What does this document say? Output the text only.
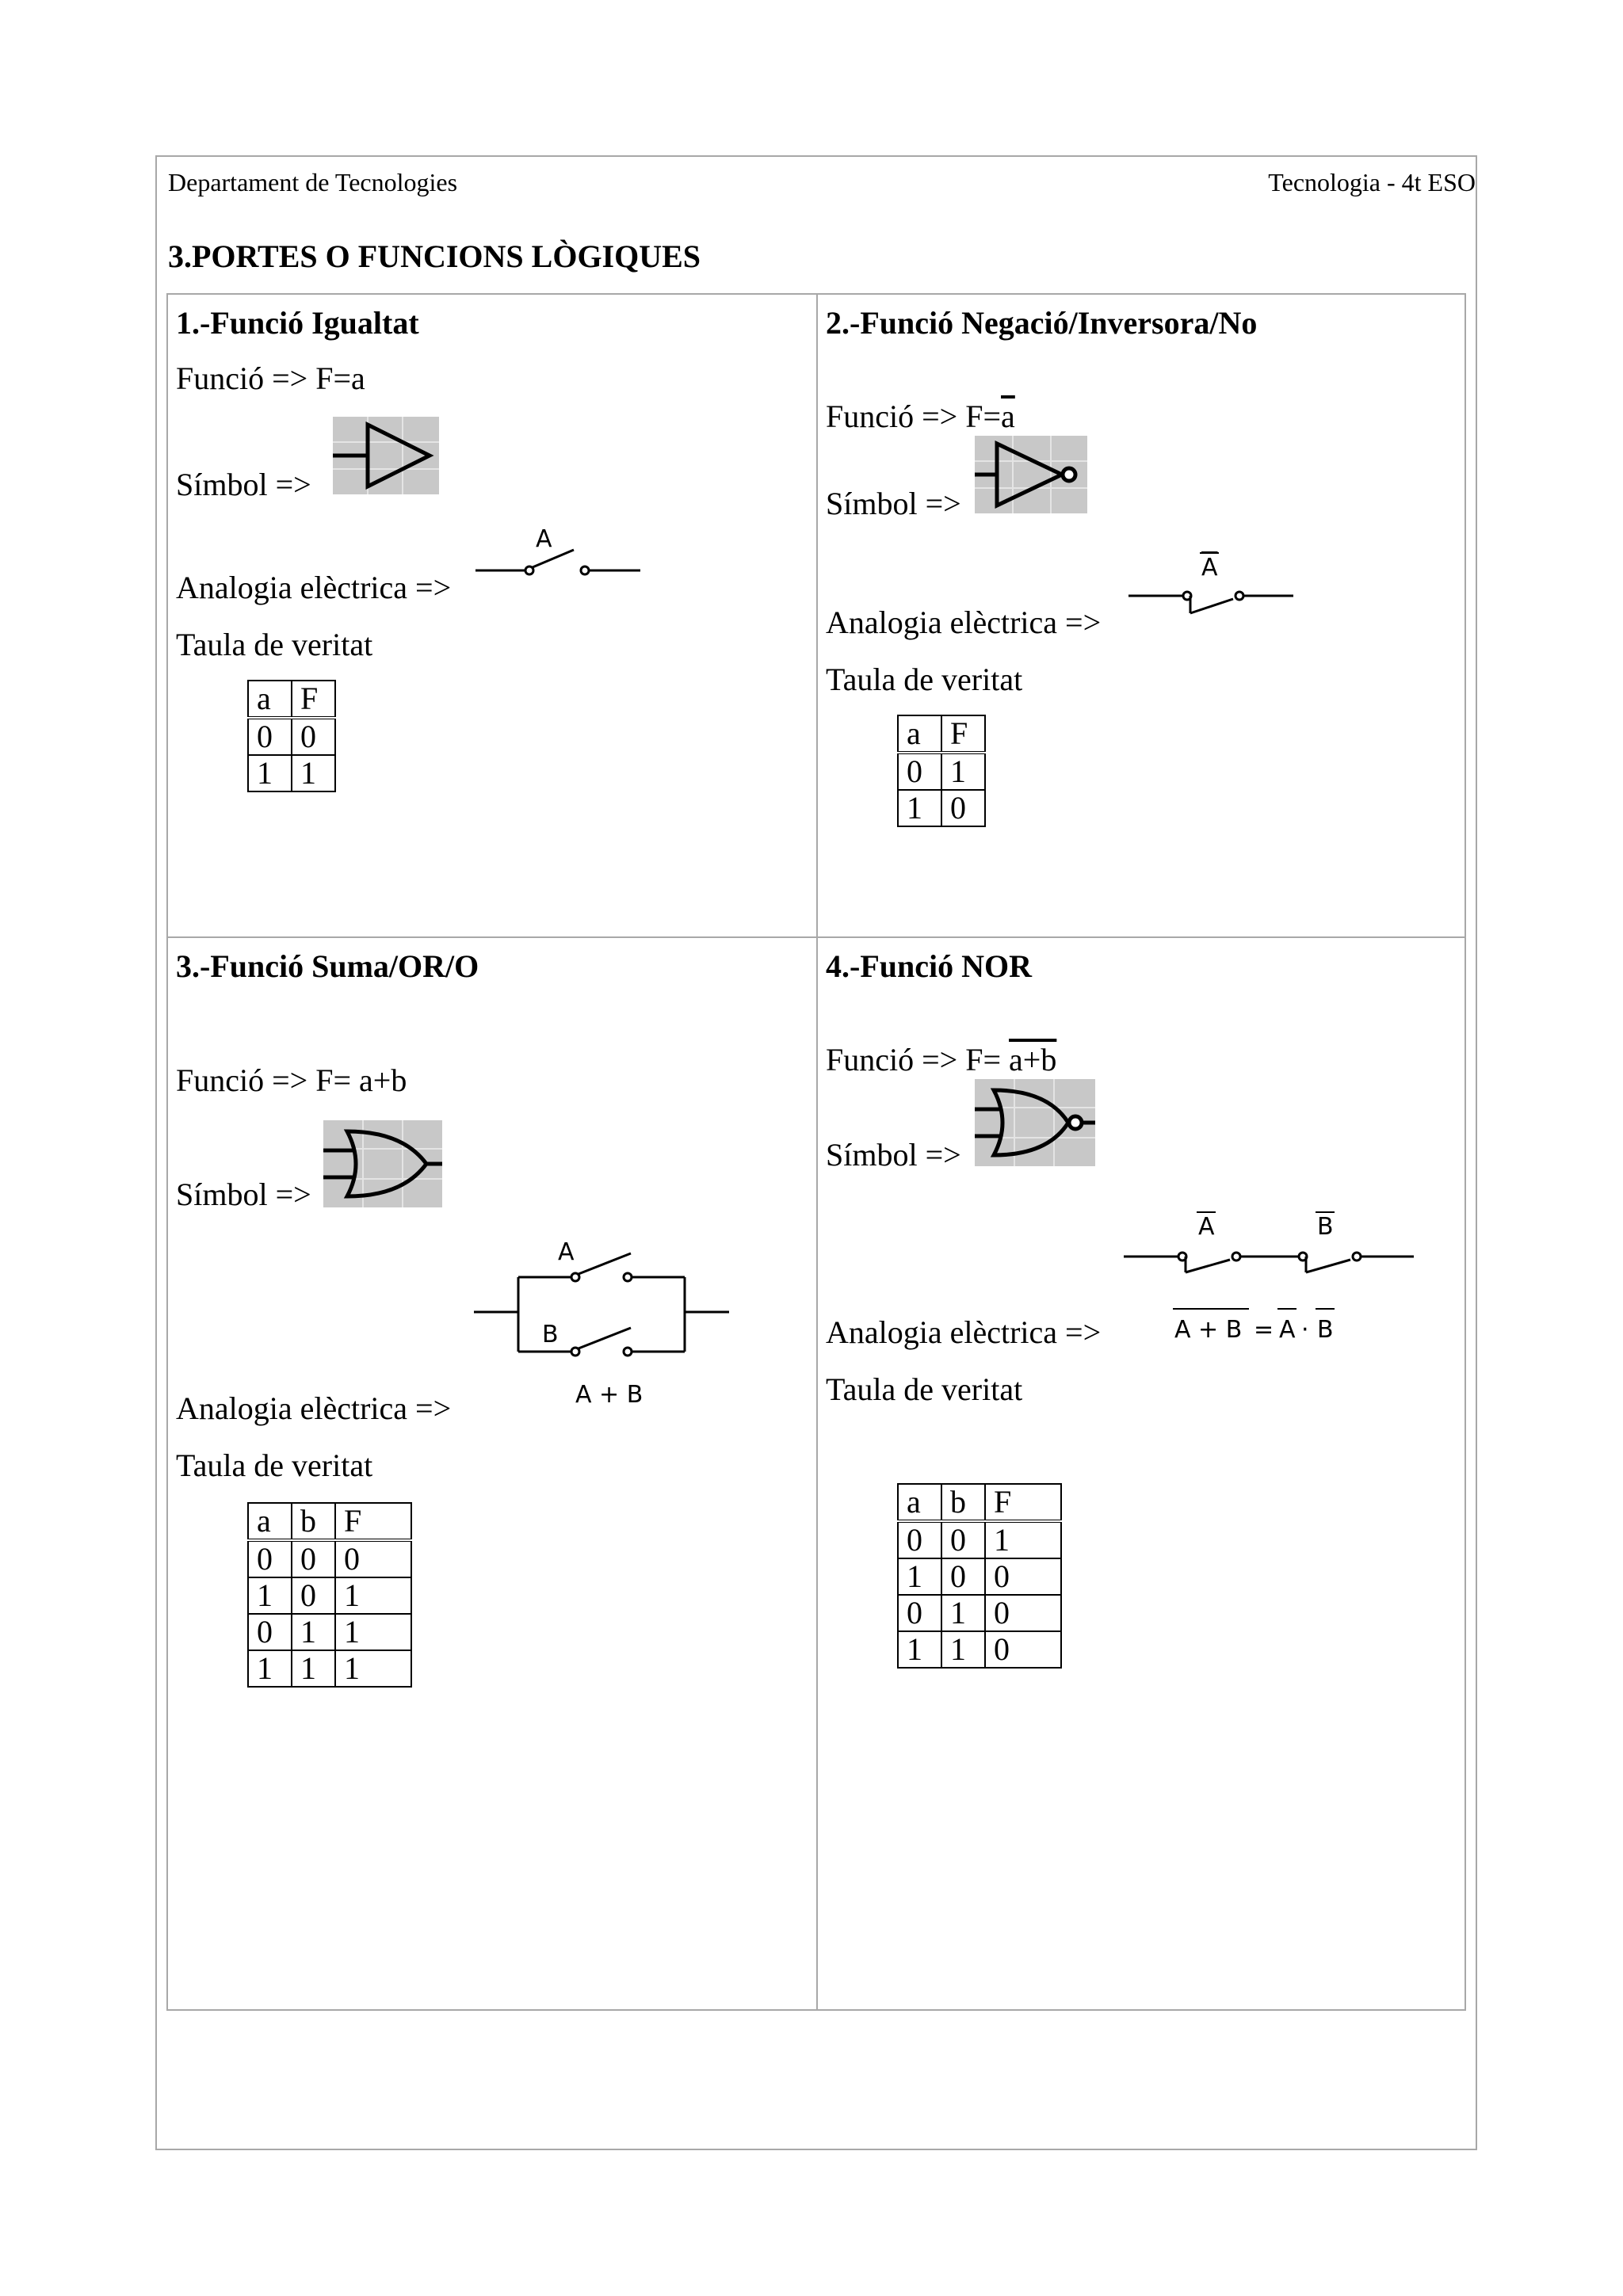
Departament de Tecnologies	Tecnologia - 4t ESO
3.PORTES O FUNCIONS LÒGIQUES
1.-Funció Igualtat
Funció => F=a
Símbol =>
Analogia elèctrica =>
A
Taula de veritat
a	F
0	0
1	1
2.-Funció Negació/Inversora/No
Funció => $F=\overline{a}$
Símbol =>
Analogia elèctrica =>
A
Taula de veritat
a	F
0	1
1	0
3.-Funció Suma/OR/O
Funció => F= a+b
Símbol =>
A
B
A + B
Analogia elèctrica =>
Taula de veritat
a	b	F
0	0	0
1	0	1
0	1	1
1	1	1
4.-Funció NOR
Funció => F= a+b
Símbol =>
A	B
A + B = A · B
Analogia elèctrica =>
Taula de veritat
a	b	F
0	0	1
1	0	0
0	1	0
1	1	0
